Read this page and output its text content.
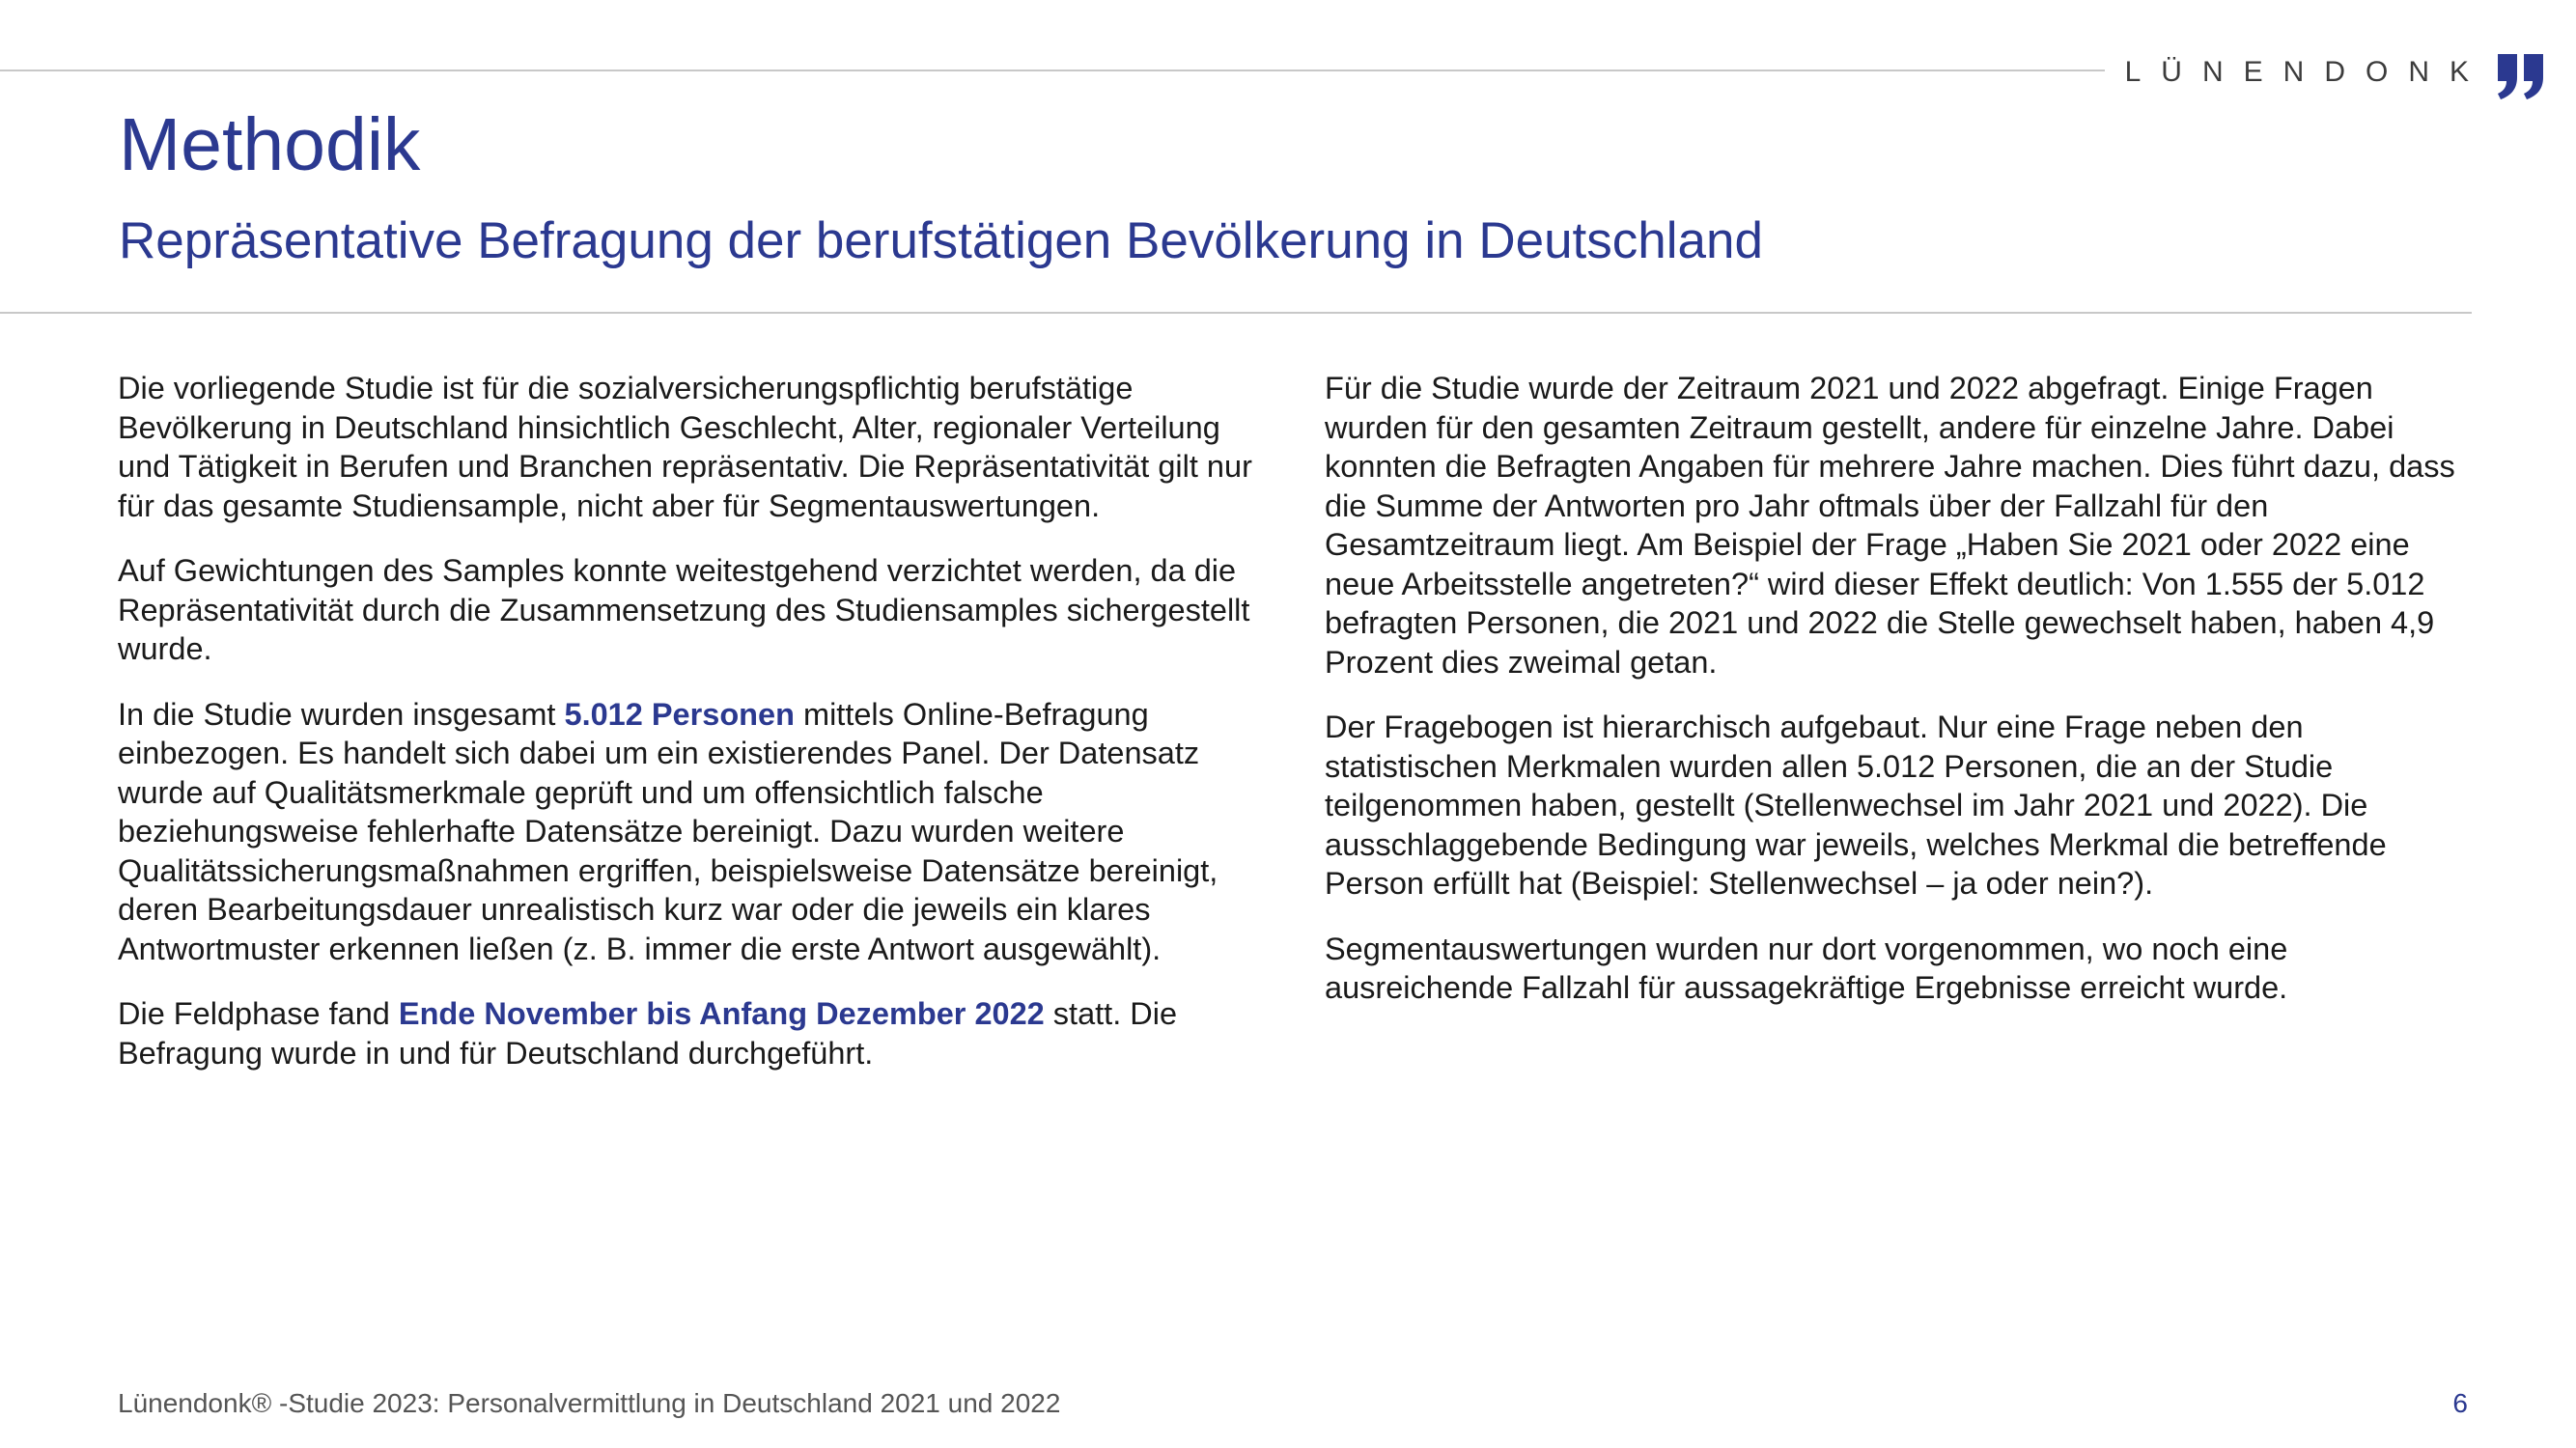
LÜNENDONK
Methodik
Repräsentative Befragung der berufstätigen Bevölkerung in Deutschland

Die vorliegende Studie ist für die sozialversicherungspflichtig berufstätige Bevölkerung in Deutschland hinsichtlich Geschlecht, Alter, regionaler Verteilung und Tätigkeit in Berufen und Branchen repräsentativ. Die Repräsentativität gilt nur für das gesamte Studiensample, nicht aber für Segmentauswertungen.

Auf Gewichtungen des Samples konnte weitestgehend verzichtet werden, da die Repräsentativität durch die Zusammensetzung des Studiensamples sichergestellt wurde.

In die Studie wurden insgesamt 5.012 Personen mittels Online-Befragung einbezogen. Es handelt sich dabei um ein existierendes Panel. Der Datensatz wurde auf Qualitätsmerkmale geprüft und um offensichtlich falsche beziehungsweise fehlerhafte Datensätze bereinigt. Dazu wurden weitere Qualitätssicherungsmaßnahmen ergriffen, beispielsweise Datensätze bereinigt, deren Bearbeitungsdauer unrealistisch kurz war oder die jeweils ein klares Antwortmuster erkennen ließen (z. B. immer die erste Antwort ausgewählt).

Die Feldphase fand Ende November bis Anfang Dezember 2022 statt. Die Befragung wurde in und für Deutschland durchgeführt.

Für die Studie wurde der Zeitraum 2021 und 2022 abgefragt. Einige Fragen wurden für den gesamten Zeitraum gestellt, andere für einzelne Jahre. Dabei konnten die Befragten Angaben für mehrere Jahre machen. Dies führt dazu, dass die Summe der Antworten pro Jahr oftmals über der Fallzahl für den Gesamtzeitraum liegt. Am Beispiel der Frage „Haben Sie 2021 oder 2022 eine neue Arbeitsstelle angetreten?“ wird dieser Effekt deutlich: Von 1.555 der 5.012 befragten Personen, die 2021 und 2022 die Stelle gewechselt haben, haben 4,9 Prozent dies zweimal getan.

Der Fragebogen ist hierarchisch aufgebaut. Nur eine Frage neben den statistischen Merkmalen wurden allen 5.012 Personen, die an der Studie teilgenommen haben, gestellt (Stellenwechsel im Jahr 2021 und 2022). Die ausschlaggebende Bedingung war jeweils, welches Merkmal die betreffende Person erfüllt hat (Beispiel: Stellenwechsel – ja oder nein?).

Segmentauswertungen wurden nur dort vorgenommen, wo noch eine ausreichende Fallzahl für aussagekräftige Ergebnisse erreicht wurde.

Lünendonk® -Studie 2023: Personalvermittlung in Deutschland 2021 und 2022	6
